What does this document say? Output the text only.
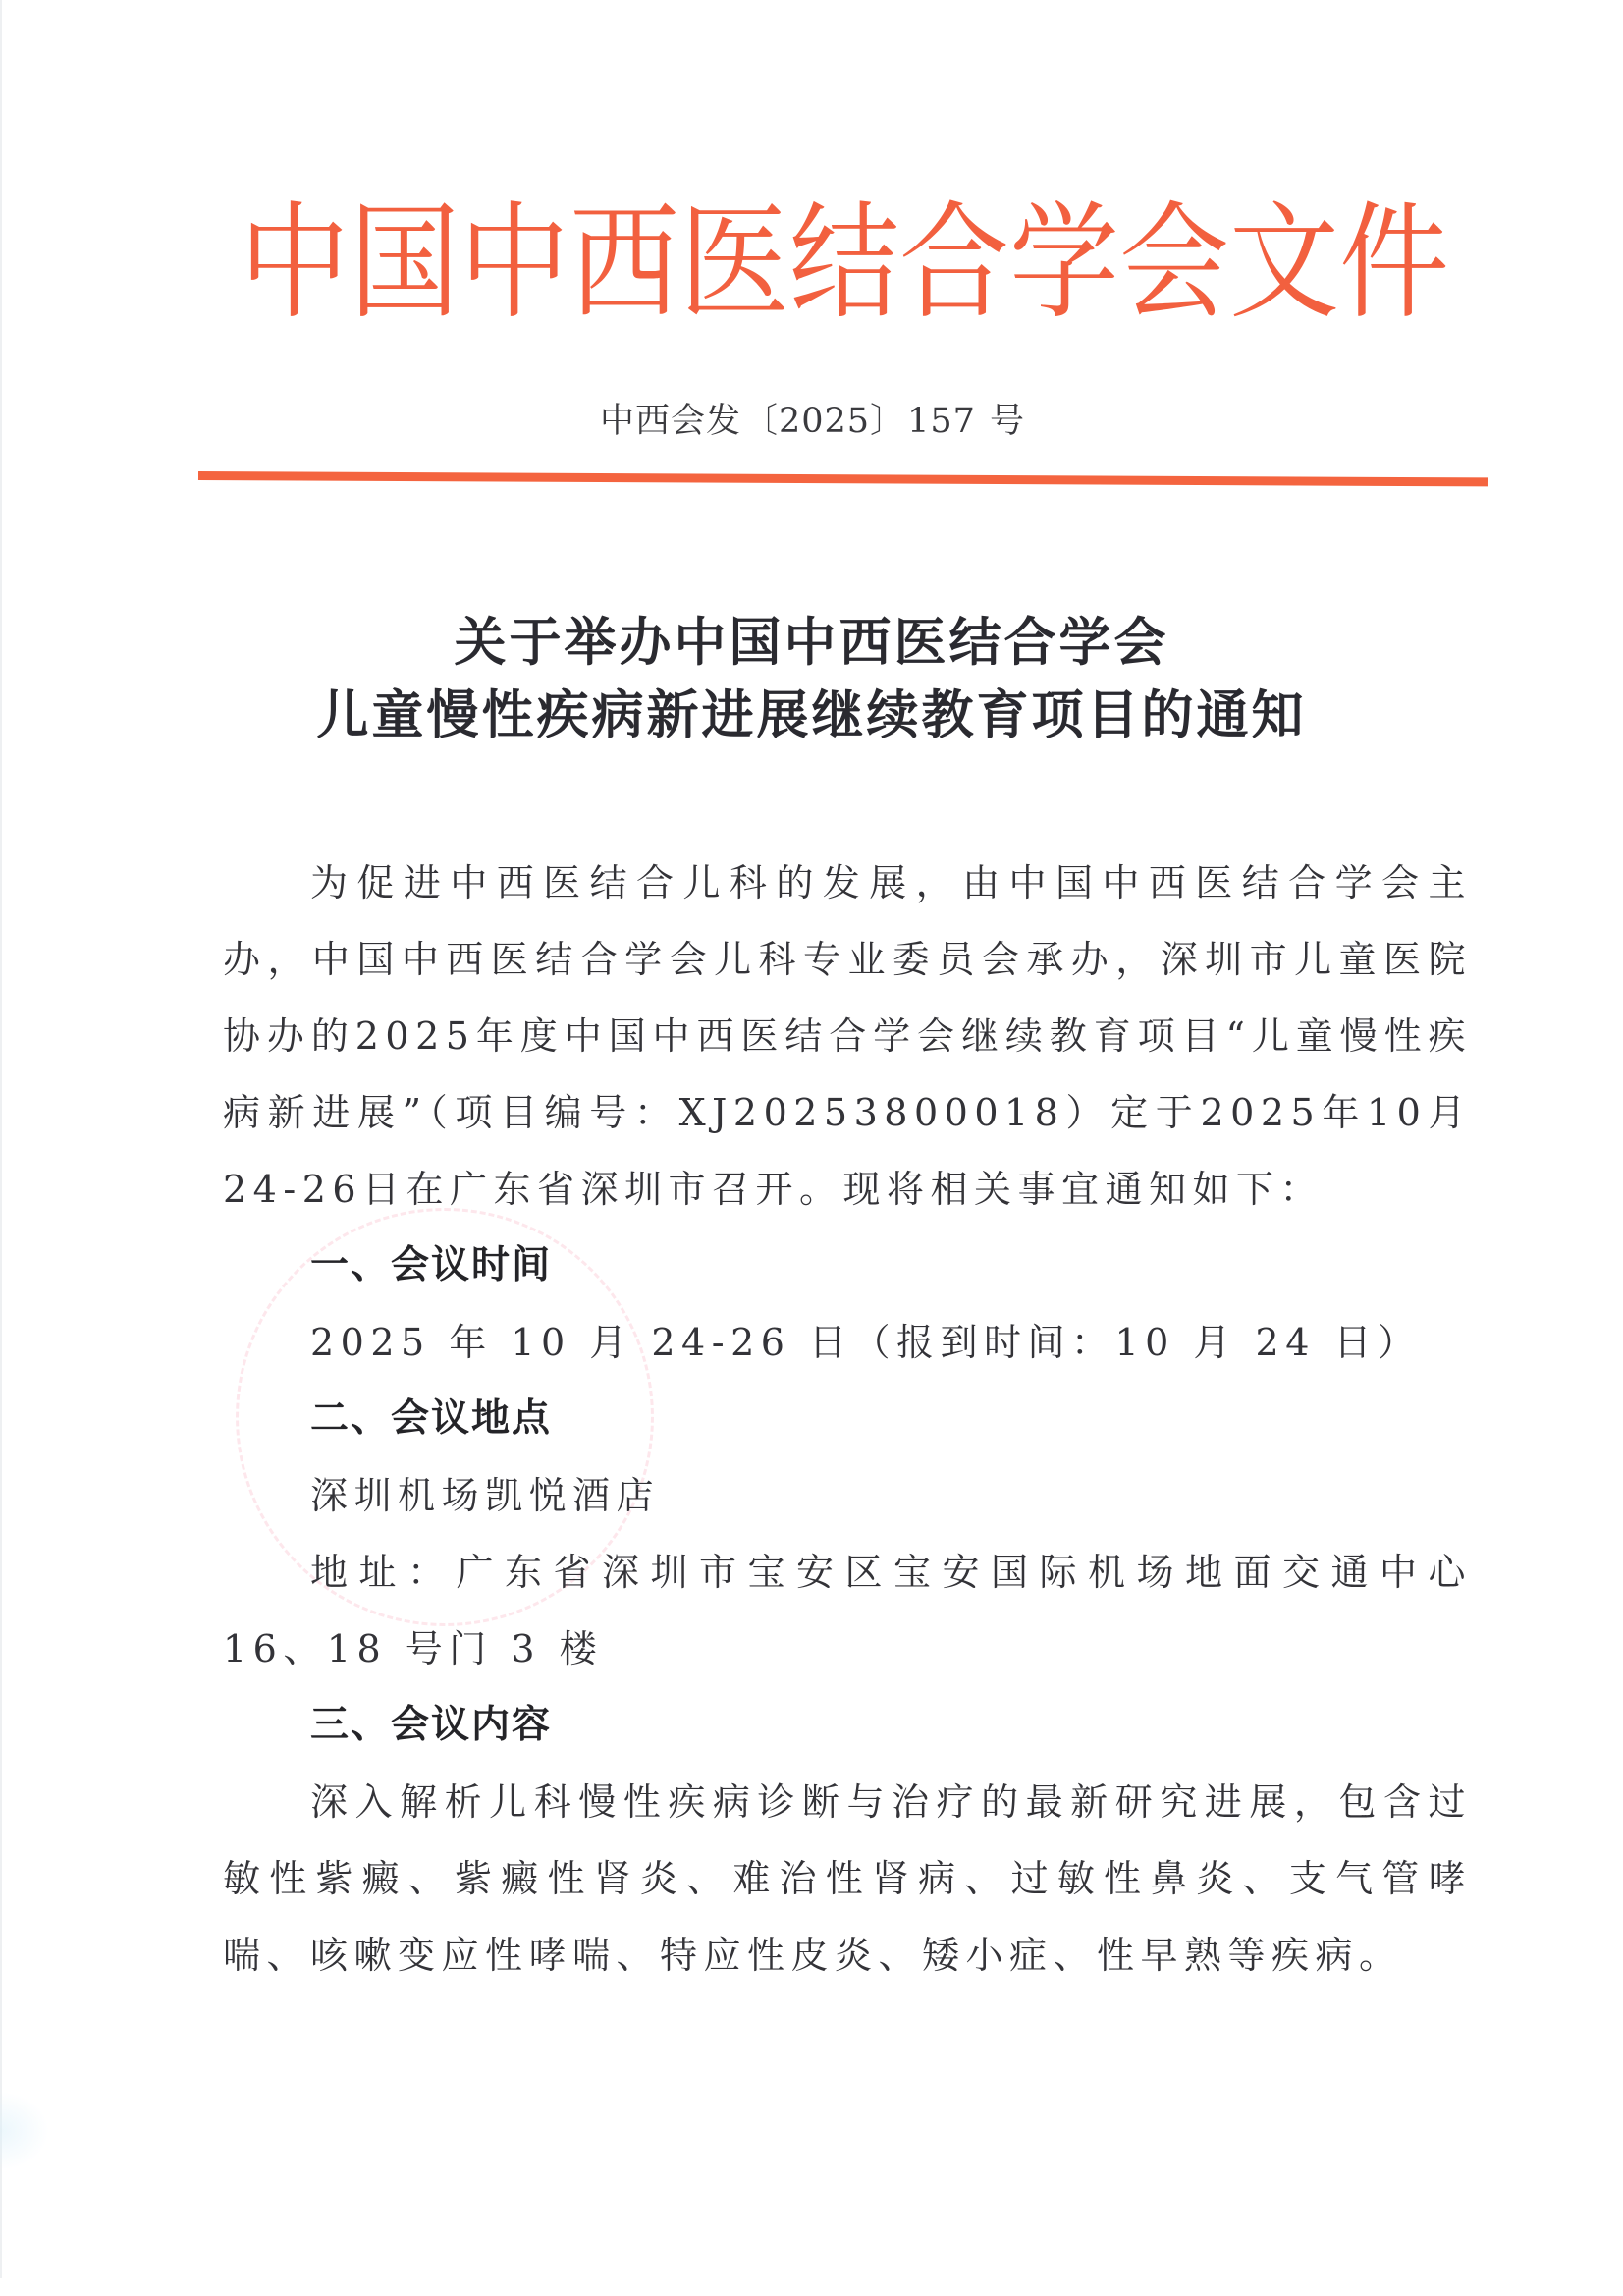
中 国 中 西 医 结 合 学 会 文 件
中西会发〔2025〕157 号
关于举办中国中西医结合学会
儿童慢性疾病新进展继续教育项目的通知

为促进中西医结合儿科的发展，由中国中西医结合学会主办，中国中西医结合学会儿科专业委员会承办，深圳市儿童医院协办的2025年度中国中西医结合学会继续教育项目“儿童慢性疾病新进展”（项目编号：XJ20253800018）定于2025年10月24-26日在广东省深圳市召开。现将相关事宜通知如下：

一、会议时间

2025 年 10 月 24-26 日（报到时间：10 月 24 日）

二、会议地点

深圳机场凯悦酒店

地址：广东省深圳市宝安区宝安国际机场地面交通中心 16、18 号门 3 楼

三、会议内容

深入解析儿科慢性疾病诊断与治疗的最新研究进展，包含过敏性紫癜、紫癜性肾炎、难治性肾病、过敏性鼻炎、支气管哮喘、咳嗽变应性哮喘、特应性皮炎、矮小症、性早熟等疾病。
